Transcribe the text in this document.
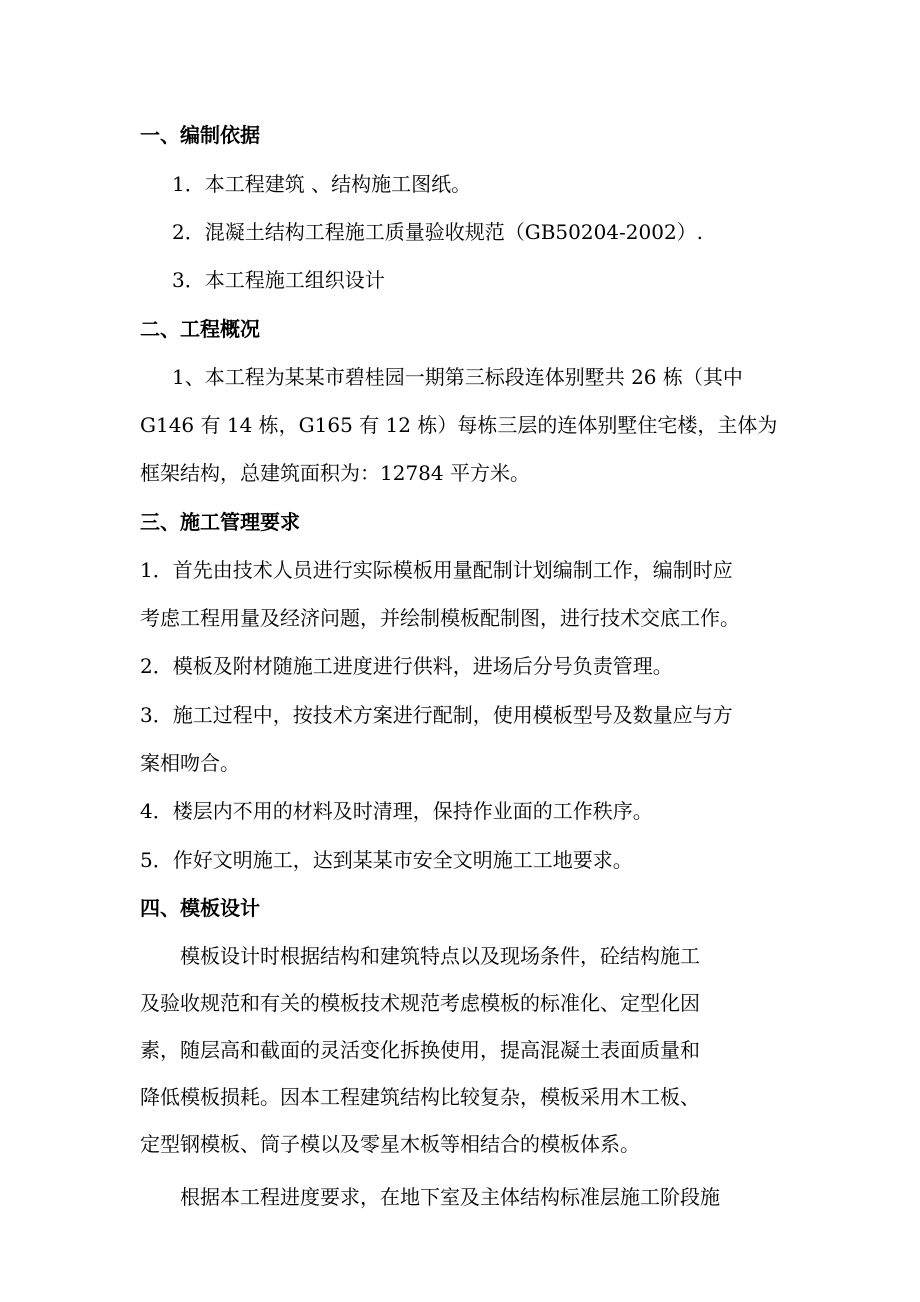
一、编制依据

1．本工程建筑 、结构施工图纸。

2．混凝土结构工程施工质量验收规范（GB50204-2002）.

3．本工程施工组织设计

二、工程概况

1、本工程为某某市碧桂园一期第三标段连体别墅共 26 栋（其中

G146 有 14 栋，G165 有 12 栋）每栋三层的连体别墅住宅楼，主体为

框架结构，总建筑面积为：12784 平方米。

三、施工管理要求

1．首先由技术人员进行实际模板用量配制计划编制工作，编制时应

考虑工程用量及经济问题，并绘制模板配制图，进行技术交底工作。

2．模板及附材随施工进度进行供料，进场后分号负责管理。

3．施工过程中，按技术方案进行配制，使用模板型号及数量应与方

案相吻合。

4．楼层内不用的材料及时清理，保持作业面的工作秩序。

5．作好文明施工，达到某某市安全文明施工工地要求。

四、模板设计

模板设计时根据结构和建筑特点以及现场条件，砼结构施工

及验收规范和有关的模板技术规范考虑模板的标准化、定型化因

素，随层高和截面的灵活变化拆换使用，提高混凝土表面质量和

降低模板损耗。因本工程建筑结构比较复杂，模板采用木工板、

定型钢模板、筒子模以及零星木板等相结合的模板体系。

根据本工程进度要求，在地下室及主体结构标准层施工阶段施
